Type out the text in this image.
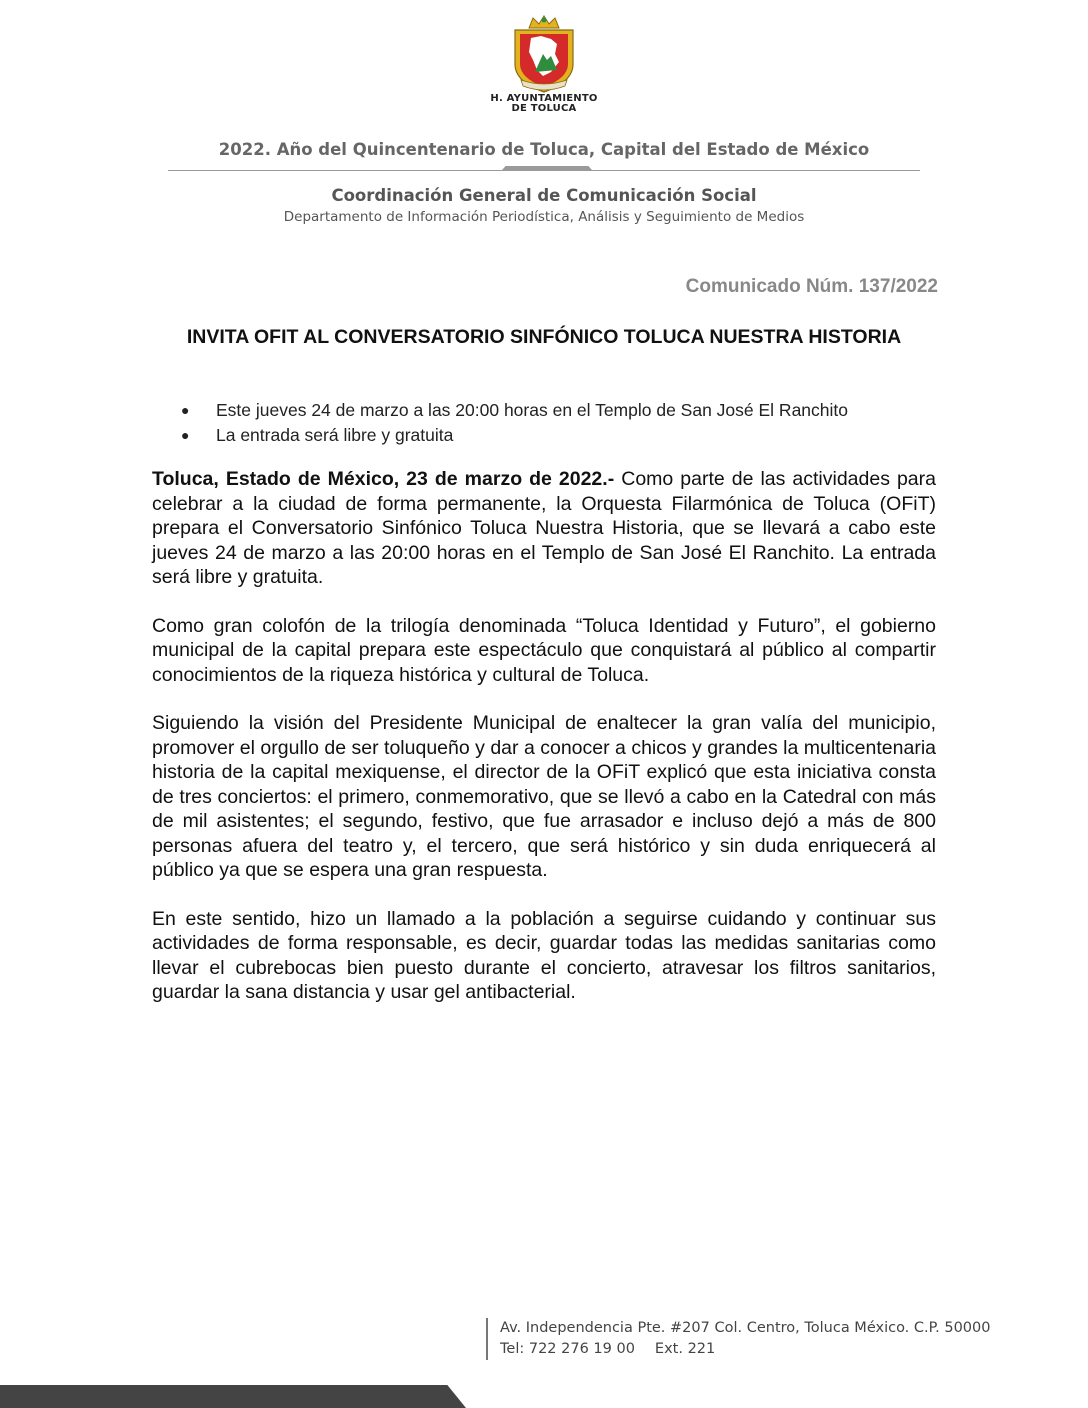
H. AYUNTAMIENTO
DE TOLUCA
2022. Año del Quincentenario de Toluca, Capital del Estado de México
Coordinación General de Comunicación Social
Departamento de Información Periodística, Análisis y Seguimiento de Medios
Comunicado Núm. 137/2022
INVITA OFIT AL CONVERSATORIO SINFÓNICO TOLUCA NUESTRA HISTORIA
● Este jueves 24 de marzo a las 20:00 horas en el Templo de San José El Ranchito
● La entrada será libre y gratuita

Toluca, Estado de México, 23 de marzo de 2022.- Como parte de las actividades para celebrar a la ciudad de forma permanente, la Orquesta Filarmónica de Toluca (OFiT) prepara el Conversatorio Sinfónico Toluca Nuestra Historia, que se llevará a cabo este jueves 24 de marzo a las 20:00 horas en el Templo de San José El Ranchito. La entrada será libre y gratuita.

Como gran colofón de la trilogía denominada “Toluca Identidad y Futuro”, el gobierno municipal de la capital prepara este espectáculo que conquistará al público al compartir conocimientos de la riqueza histórica y cultural de Toluca.

Siguiendo la visión del Presidente Municipal de enaltecer la gran valía del municipio, promover el orgullo de ser toluqueño y dar a conocer a chicos y grandes la multicentenaria historia de la capital mexiquense, el director de la OFiT explicó que esta iniciativa consta de tres conciertos: el primero, conmemorativo, que se llevó a cabo en la Catedral con más de mil asistentes; el segundo, festivo, que fue arrasador e incluso dejó a más de 800 personas afuera del teatro y, el tercero, que será histórico y sin duda enriquecerá al público ya que se espera una gran respuesta.

En este sentido, hizo un llamado a la población a seguirse cuidando y continuar sus actividades de forma responsable, es decir, guardar todas las medidas sanitarias como llevar el cubrebocas bien puesto durante el concierto, atravesar los filtros sanitarios, guardar la sana distancia y usar gel antibacterial.

Av. Independencia Pte. #207 Col. Centro, Toluca México. C.P. 50000
Tel: 722 276 19 00 Ext. 221
